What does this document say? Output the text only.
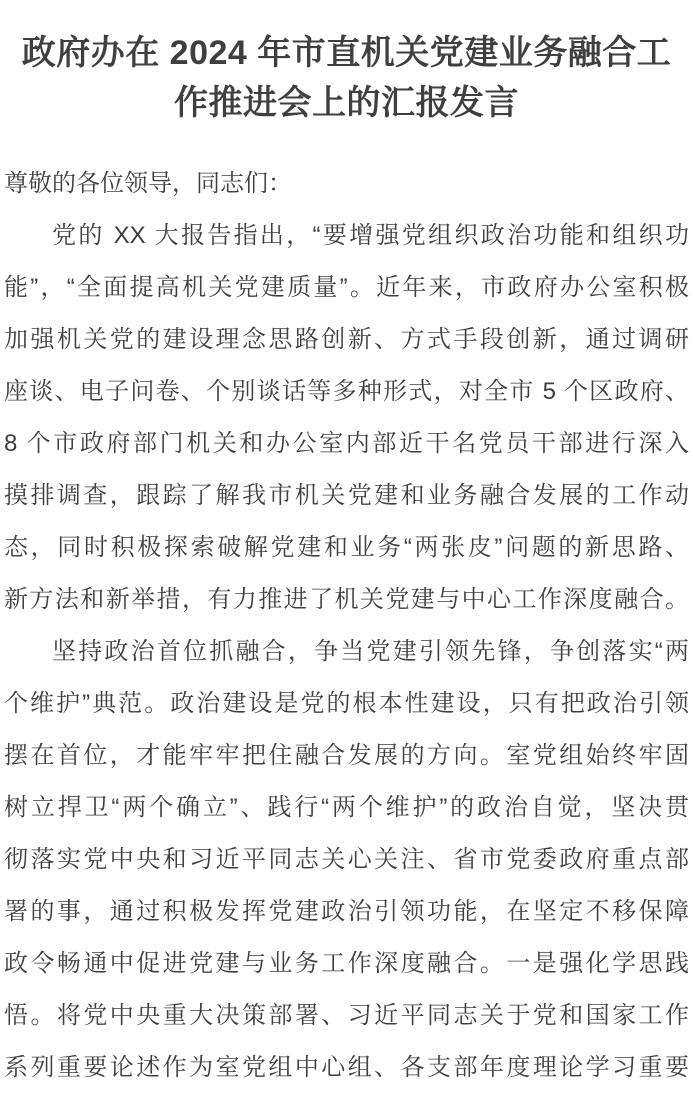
政府办在 2024 年市直机关党建业务融合工
作推进会上的汇报发言
尊敬的各位领导，同志们：
党的 XX 大报告指出，“要增强党组织政治功能和组织功
能”，“全面提高机关党建质量”。近年来，市政府办公室积极
加强机关党的建设理念思路创新、方式手段创新，通过调研
座谈、电子问卷、个别谈话等多种形式，对全市 5 个区政府、
8 个市政府部门机关和办公室内部近干名党员干部进行深入
摸排调查，跟踪了解我市机关党建和业务融合发展的工作动
态，同时积极探索破解党建和业务“两张皮”问题的新思路、
新方法和新举措，有力推进了机关党建与中心工作深度融合。
坚持政治首位抓融合，争当党建引领先锋，争创落实“两
个维护”典范。政治建设是党的根本性建设，只有把政治引领
摆在首位，才能牢牢把住融合发展的方向。室党组始终牢固
树立捍卫“两个确立”、践行“两个维护”的政治自觉，坚决贯
彻落实党中央和习近平同志关心关注、省市党委政府重点部
署的事，通过积极发挥党建政治引领功能，在坚定不移保障
政令畅通中促进党建与业务工作深度融合。一是强化学思践
悟。将党中央重大决策部署、习近平同志关于党和国家工作
系列重要论述作为室党组中心组、各支部年度理论学习重要
